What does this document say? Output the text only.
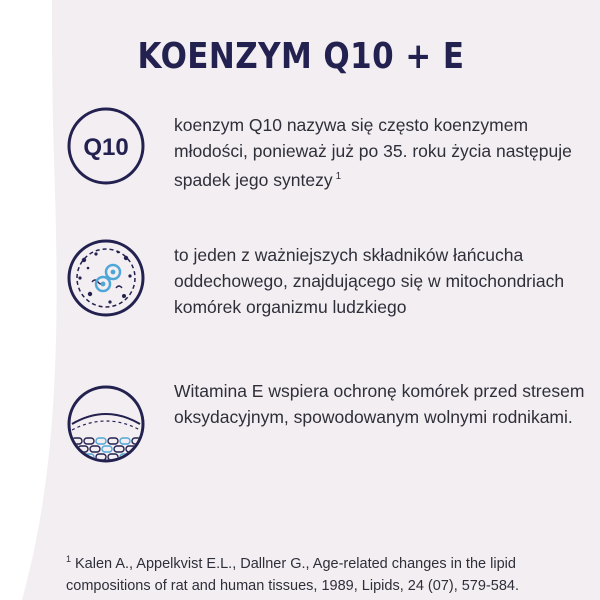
KOENZYM Q10 + E
Q10
koenzym Q10 nazywa się często koenzymem młodości, ponieważ już po 35. roku życia następuje spadek jego syntezy $^1$
to jeden z ważniejszych składników łańcucha oddechowego, znajdującego się w mitochondriach komórek organizmu ludzkiego
Witamina E wspiera ochronę komórek przed stresem oksydacyjnym, spowodowanym wolnymi rodnikami.
$^1$ Kalen A., Appelkvist E.L., Dallner G., Age-related changes in the lipid compositions of rat and human tissues, 1989, Lipids, 24 (07), 579-584.
